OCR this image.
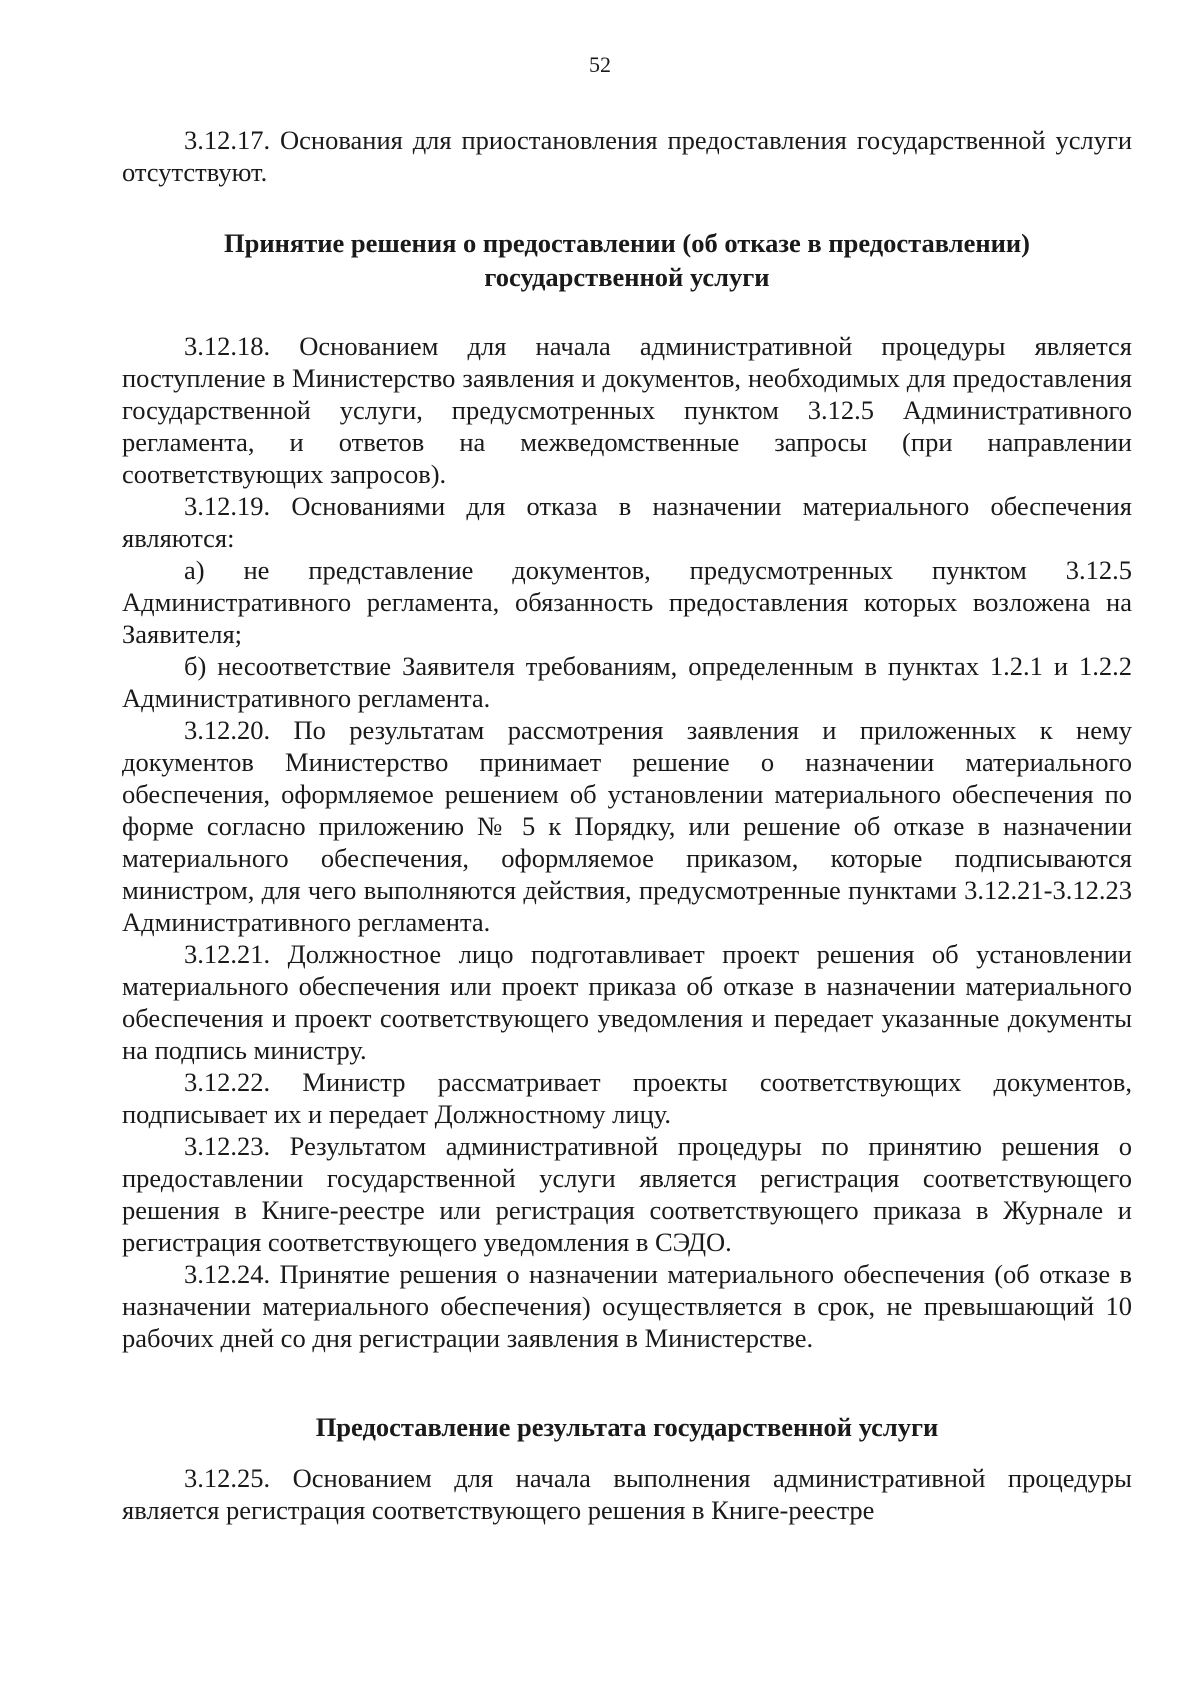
52

3.12.17. Основания для приостановления предоставления государственной услуги отсутствуют.

Принятие решения о предоставлении (об отказе в предоставлении) государственной услуги

3.12.18. Основанием для начала административной процедуры является поступление в Министерство заявления и документов, необходимых для предоставления государственной услуги, предусмотренных пунктом 3.12.5 Административного регламента, и ответов на межведомственные запросы (при направлении соответствующих запросов).

3.12.19. Основаниями для отказа в назначении материального обеспечения являются:

а) не представление документов, предусмотренных пунктом 3.12.5 Административного регламента, обязанность предоставления которых возложена на Заявителя;

б) несоответствие Заявителя требованиям, определенным в пунктах 1.2.1 и 1.2.2 Административного регламента.

3.12.20. По результатам рассмотрения заявления и приложенных к нему документов Министерство принимает решение о назначении материального обеспечения, оформляемое решением об установлении материального обеспечения по форме согласно приложению № 5 к Порядку, или решение об отказе в назначении материального обеспечения, оформляемое приказом, которые подписываются министром, для чего выполняются действия, предусмотренные пунктами 3.12.21-3.12.23 Административного регламента.

3.12.21. Должностное лицо подготавливает проект решения об установлении материального обеспечения или проект приказа об отказе в назначении материального обеспечения и проект соответствующего уведомления и передает указанные документы на подпись министру.

3.12.22. Министр рассматривает проекты соответствующих документов, подписывает их и передает Должностному лицу.

3.12.23. Результатом административной процедуры по принятию решения о предоставлении государственной услуги является регистрация соответствующего решения в Книге-реестре или регистрация соответствующего приказа в Журнале и регистрация соответствующего уведомления в СЭДО.

3.12.24. Принятие решения о назначении материального обеспечения (об отказе в назначении материального обеспечения) осуществляется в срок, не превышающий 10 рабочих дней со дня регистрации заявления в Министерстве.

Предоставление результата государственной услуги

3.12.25. Основанием для начала выполнения административной процедуры является регистрация соответствующего решения в Книге-реестре
